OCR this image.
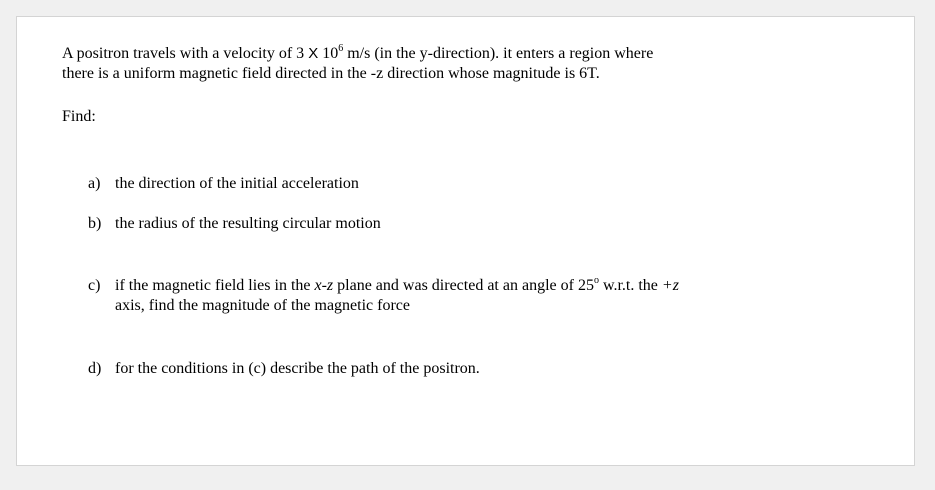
A positron travels with a velocity of 3 X $10^6$ m/s (in the y-direction). it enters a region where
there is a uniform magnetic field directed in the -z direction whose magnitude is 6T.
Find:
a) the direction of the initial acceleration
b) the radius of the resulting circular motion
c) if the magnetic field lies in the x-z plane and was directed at an angle of 25$^o$ w.r.t. the +z
axis, find the magnitude of the magnetic force
d) for the conditions in (c) describe the path of the positron.
